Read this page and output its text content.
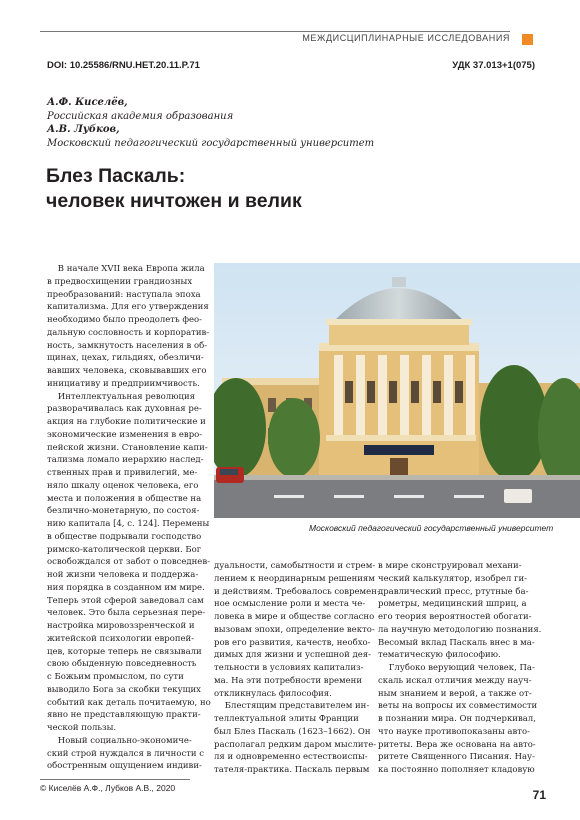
МЕЖДИСЦИПЛИНАРНЫЕ ИССЛЕДОВАНИЯ
DOI: 10.25586/RNU.HET.20.11.P.71	УДК 37.013+1(075)
А.Ф. Киселёв,
Российская академия образования
А.В. Лубков,
Московский педагогический государственный университет
Блез Паскаль:
человек ничтожен и велик
В начале XVII века Европа жила
в предвосхищении грандиозных
преобразований: наступала эпоха
капитализма. Для его утверждения
необходимо было преодолеть фео-
дальную сословность и корпоратив-
ность, замкнутость населения в об-
щинах, цехах, гильдиях, обезличи-
вавших человека, сковывавших его
инициативу и предприимчивость.
Интеллектуальная революция
разворачивалась как духовная ре-
акция на глубокие политические и
экономические изменения в евро-
пейской жизни. Становление капи-
тализма ломало иерархию наслед-
ственных прав и привилегий, ме-
няло шкалу оценок человека, его
места и положения в обществе на
безлично-монетарную, по состоя-
нию капитала [4, с. 124]. Перемены
в обществе подрывали господство
римско-католической церкви. Бог
освобождался от забот о повседнев-
ной жизни человека и поддержа-
ния порядка в созданном им мире.
Теперь этой сферой заведовал сам
человек. Это была серьезная пере-
настройка мировоззренческой и
житейской психологии европей-
цев, которые теперь не связывали
свою обыденную повседневность
с Божьим промыслом, по сути
выводило Бога за скобки текущих
событий как деталь почитаемую, но
явно не представляющую практи-
ческой пользы.
Новый социально-экономиче-
ский строй нуждался в личности с
обостренным ощущением индиви-
Московский педагогический государственный университет
дуальности, самобытности и стрем-
лением к неординарным решениям
и действиям. Требовалось современ-
ное осмысление роли и места че-
ловека в мире и обществе согласно
вызовам эпохи, определение векто-
ров его развития, качеств, необхо-
димых для жизни и успешной дея-
тельности в условиях капитализ-
ма. На эти потребности времени
откликнулась философия.
Блестящим представителем ин-
теллектуальной элиты Франции
был Блез Паскаль (1623–1662). Он
располагал редким даром мыслите-
ля и одновременно естествоиспы-
тателя-практика. Паскаль первым
в мире сконструировал механи-
ческий калькулятор, изобрел ги-
дравлический пресс, ртутные ба-
рометры, медицинский шприц, а
его теория вероятностей обогати-
ла научную методологию познания.
Весомый вклад Паскаль внес в ма-
тематическую философию.
Глубоко верующий человек, Па-
скаль искал отличия между науч-
ным знанием и верой, а также от-
веты на вопросы их совместимости
в познании мира. Он подчеркивал,
что науке противопоказаны авто-
ритеты. Вера же основана на авто-
ритете Священного Писания. Нау-
ка постоянно пополняет кладовую
© Киселёв А.Ф., Лубков А.В., 2020	71
